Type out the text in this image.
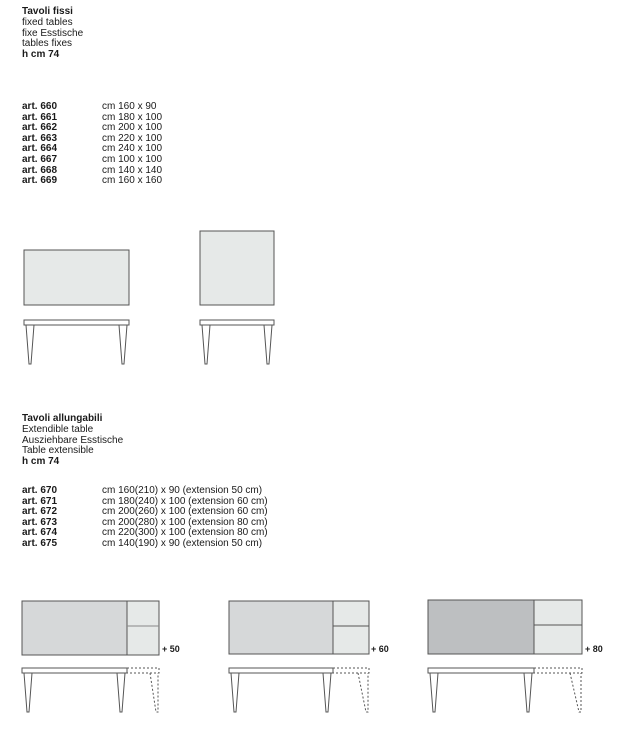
Tavoli fissi
fixed tables
fixe Esstische
tables fixes
h cm 74
art. 660	cm 160 x 90
art. 661	cm 180 x 100
art. 662	cm 200 x 100
art. 663	cm 220 x 100
art. 664	cm 240 x 100
art. 667	cm 100 x 100
art. 668	cm 140 x 140
art. 669	cm 160 x 160
Tavoli allungabili
Extendible table
Ausziehbare Esstische
Table extensible
h cm 74
art. 670	cm 160(210) x 90 (extension 50 cm)
art. 671	cm 180(240) x 100 (extension 60 cm)
art. 672	cm 200(260) x 100 (extension 60 cm)
art. 673	cm 200(280) x 100 (extension 80 cm)
art. 674	cm 220(300) x 100 (extension 80 cm)
art. 675	cm 140(190) x 90 (extension 50 cm)
+ 50	+ 60	+ 80
